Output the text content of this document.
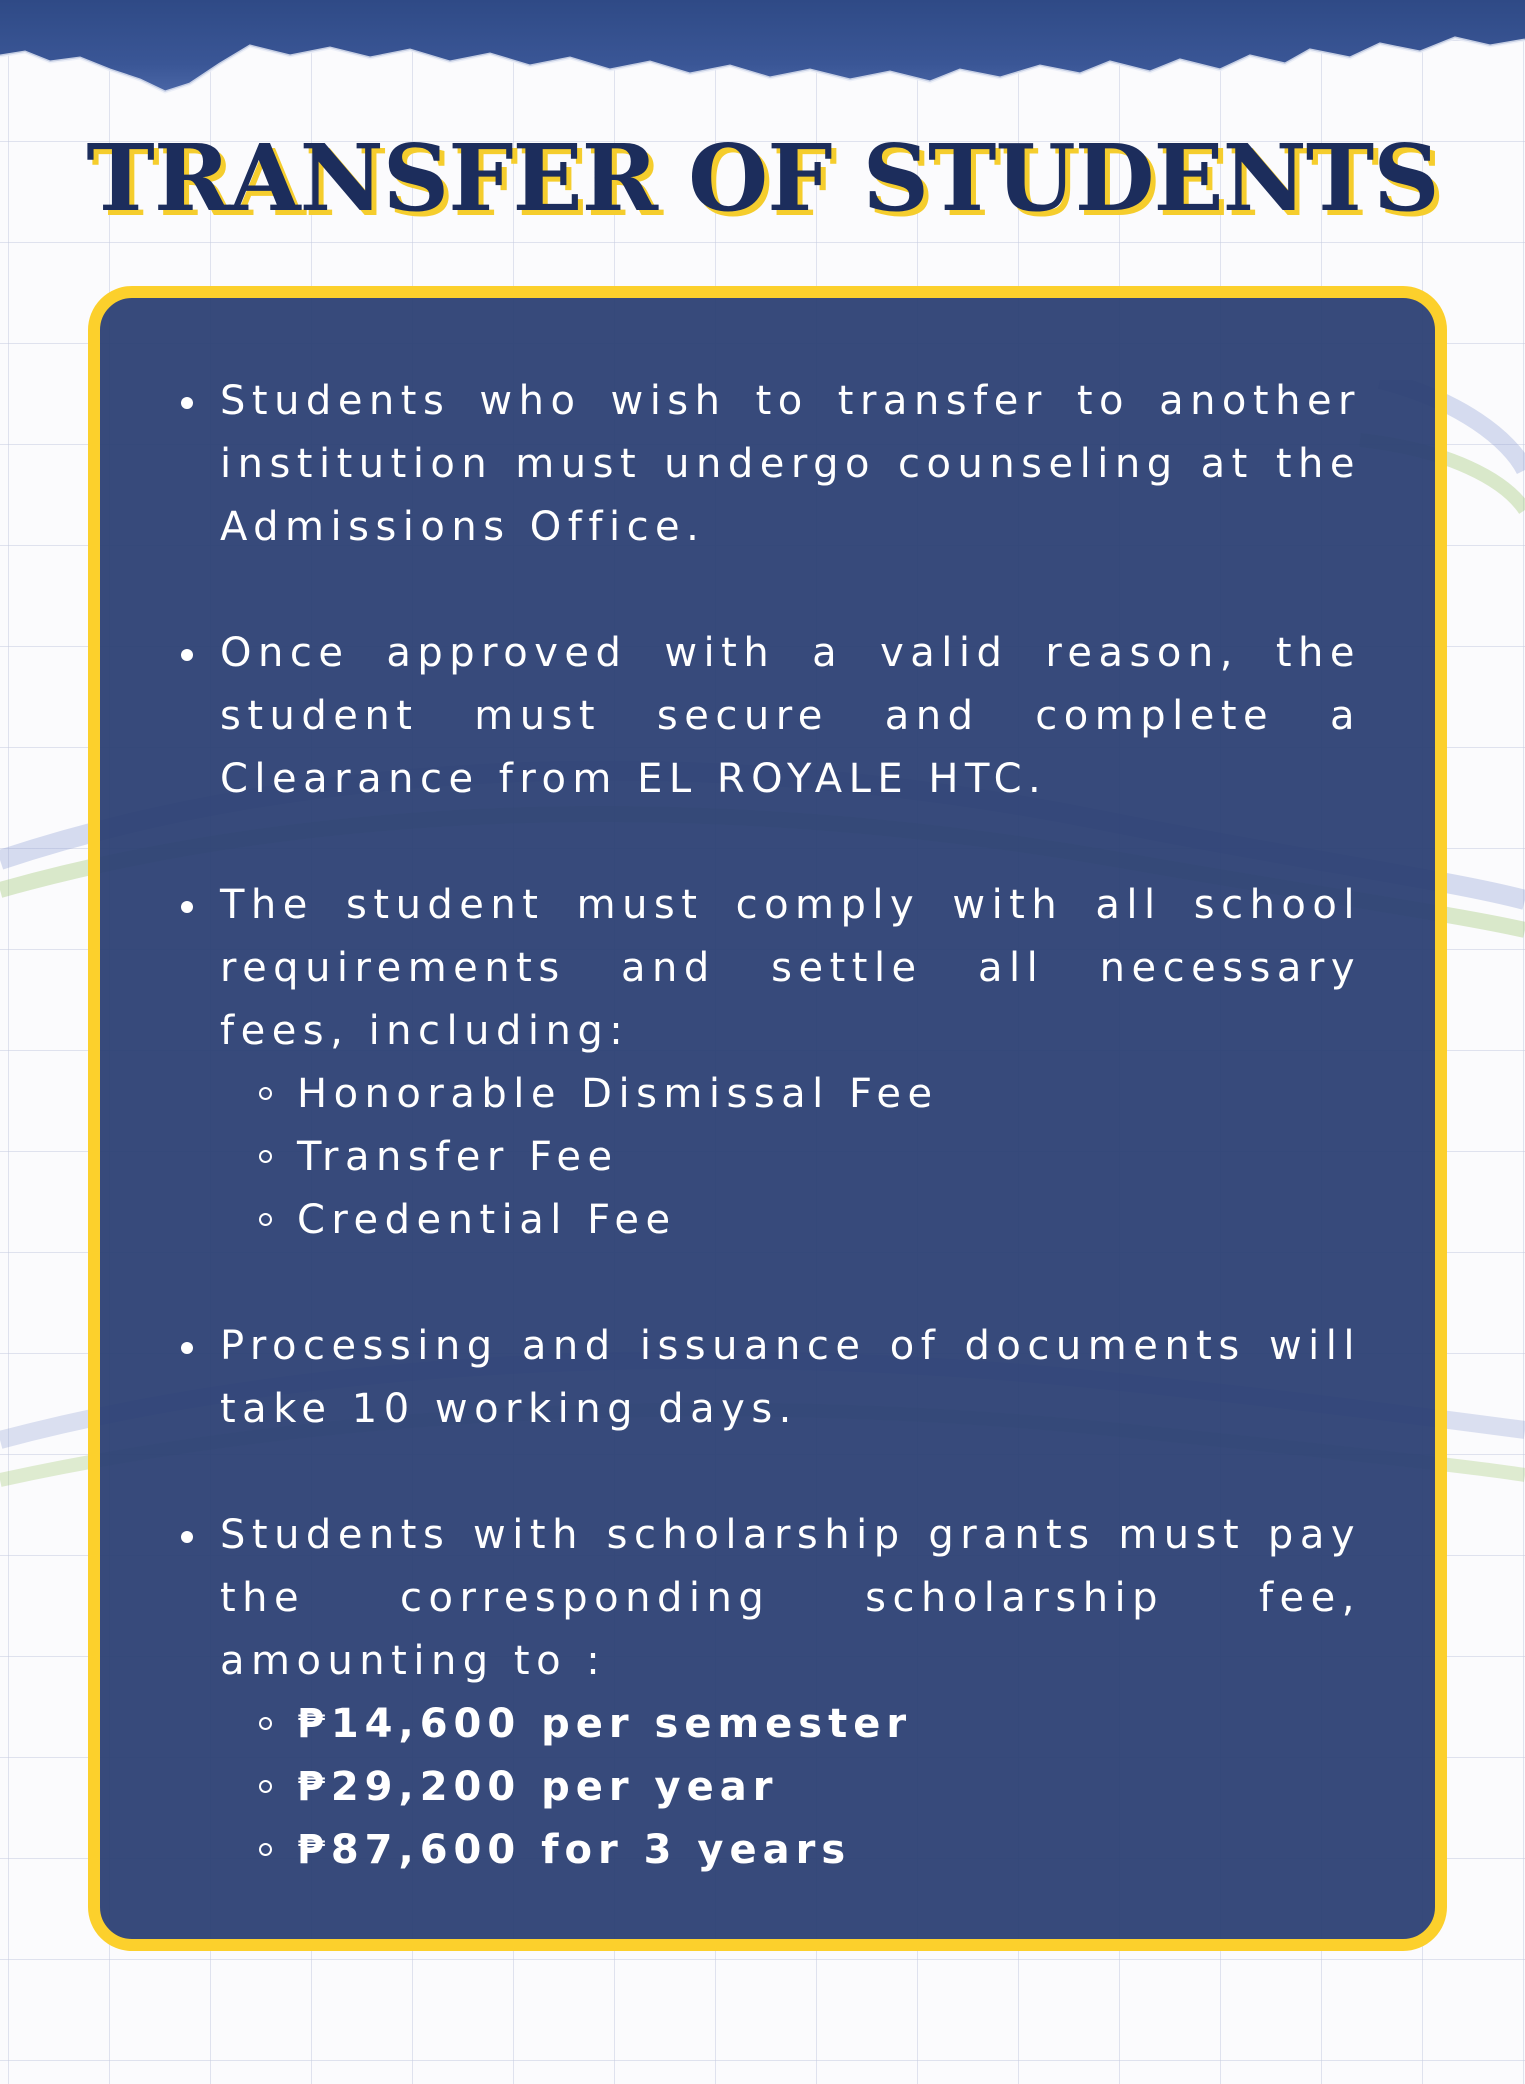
TRANSFER OF STUDENTS
Students who wish to transfer to another institution must undergo counseling at the Admissions Office.
Once approved with a valid reason, the student must secure and complete a Clearance from EL ROYALE HTC.
The student must comply with all school requirements and settle all necessary fees, including:
Honorable Dismissal Fee
Transfer Fee
Credential Fee
Processing and issuance of documents will take 10 working days.
Students with scholarship grants must pay the corresponding scholarship fee, amounting to :
₱14,600 per semester
₱29,200 per year
₱87,600 for 3 years
